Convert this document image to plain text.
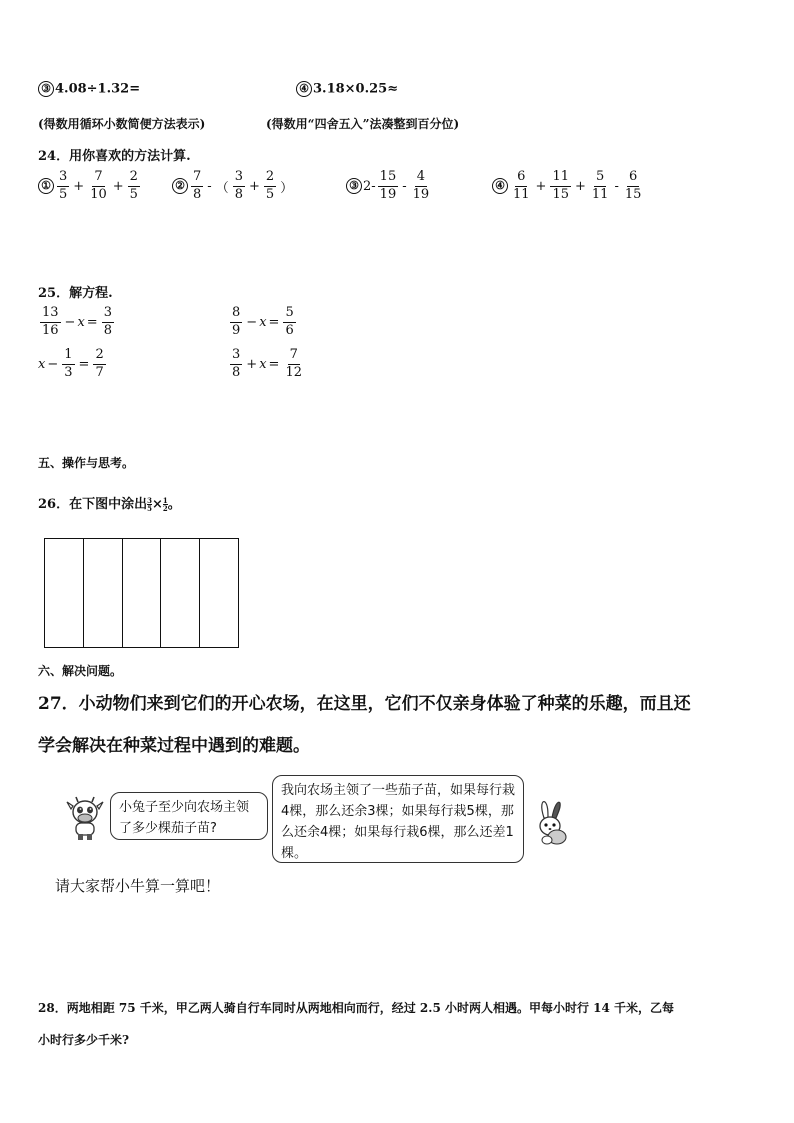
③ 4.08÷1.32=	④ 3.18×0.25≈
(得数用循环小数简便方法表示)	(得数用“四舍五入”法凑整到百分位)
24．用你喜欢的方法计算.
① $\frac{3}{5} + \frac{7}{10} + \frac{2}{5}$	② $\frac{7}{8}$ - （ $\frac{3}{8} + \frac{2}{5}$ ）	③ $2- \frac{15}{19} - \frac{4}{19}$	④ $\frac{6}{11} + \frac{11}{15} + \frac{5}{11} - \frac{6}{15}$
25．解方程.
$\frac{13}{16} - x = \frac{3}{8}$	$\frac{8}{9} - x = \frac{5}{6}$
$x - \frac{1}{3} = \frac{2}{7}$	$\frac{3}{8} + x = \frac{7}{12}$
五、操作与思考。
26．在下图中涂出 $\frac{3}{5} \times \frac{1}{2}$ 。
六、解决问题。
27．小动物们来到它们的开心农场，在这里，它们不仅亲身体验了种菜的乐趣，而且还
学会解决在种菜过程中遇到的难题。
小兔子至少向农场主领了多少棵茄子苗?
我向农场主领了一些茄子苗，如果每行栽4棵，那么还余3棵；如果每行栽5棵，那么还余4棵；如果每行栽6棵，那么还差1棵。
请大家帮小牛算一算吧！
28．两地相距 75 千米，甲乙两人骑自行车同时从两地相向而行，经过 2.5 小时两人相遇。甲每小时行 14 千米，乙每
小时行多少千米?
